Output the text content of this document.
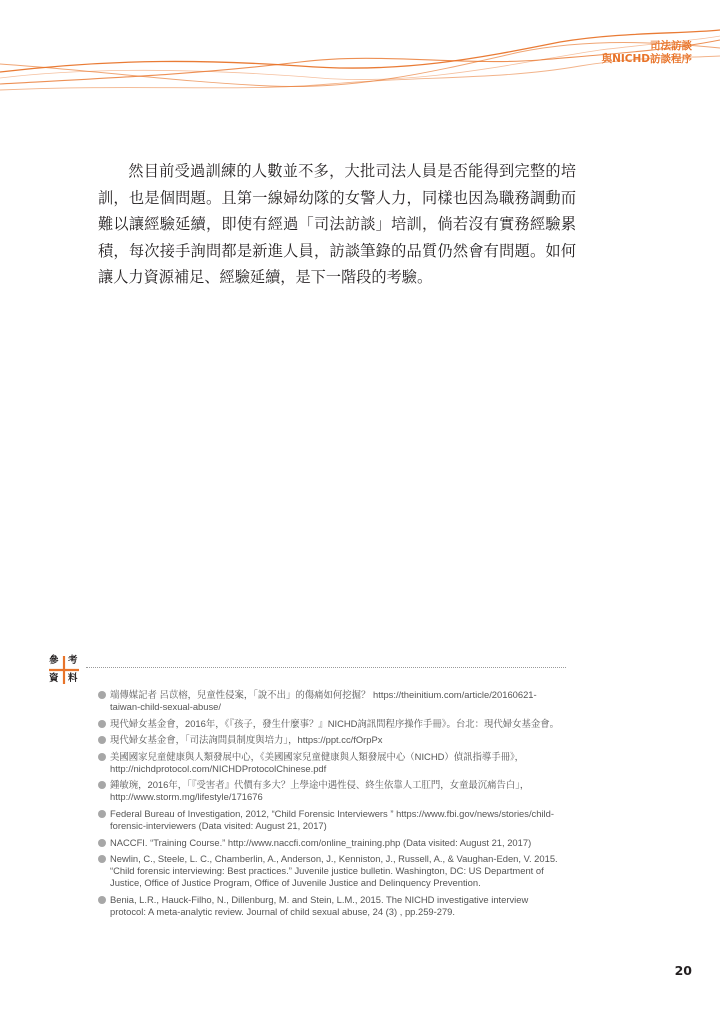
司法訪談
與NICHD訪談程序

然目前受過訓練的人數並不多，大批司法人員是否能得到完整的培訓，也是個問題。且第一線婦幼隊的女警人力，同樣也因為職務調動而難以讓經驗延續，即使有經過「司法訪談」培訓，倘若沒有實務經驗累積，每次接手詢問都是新進人員，訪談筆錄的品質仍然會有問題。如何讓人力資源補足、經驗延續，是下一階段的考驗。

參 考
資 料
端傳媒記者 呂苡榕，兒童性侵案，「說不出」的傷痛如何挖掘？ https://theinitium.com/article/20160621-taiwan-child-sexual-abuse/
現代婦女基金會，2016年，《『孩子，發生什麼事？』NICHD詢訊問程序操作手冊》。台北：現代婦女基金會。
現代婦女基金會，「司法詢問員制度與培力」，https://ppt.cc/fOrpPx
美國國家兒童健康與人類發展中心，《美國國家兒童健康與人類發展中心（NICHD）偵訊指導手冊》，http://nichdprotocol.com/NICHDProtocolChinese.pdf
鍾敏琬，2016年，「『受害者』代價有多大？上學途中遇性侵、終生依靠人工肛門，女童最沉痛告白」，http://www.storm.mg/lifestyle/171676
Federal Bureau of Investigation, 2012, “Child Forensic Interviewers ” https://www.fbi.gov/news/stories/child-forensic-interviewers (Data visited: August 21, 2017)
NACCFI. “Training Course.” http://www.naccfi.com/online_training.php (Data visited: August 21, 2017)
Newlin, C., Steele, L. C., Chamberlin, A., Anderson, J., Kenniston, J., Russell, A., & Vaughan-Eden, V. 2015. “Child forensic interviewing: Best practices.” Juvenile justice bulletin. Washington, DC: US Department of Justice, Office of Justice Program, Office of Juvenile Justice and Delinquency Prevention.
Benia, L.R., Hauck-Filho, N., Dillenburg, M. and Stein, L.M., 2015. The NICHD investigative interview protocol: A meta-analytic review. Journal of child sexual abuse, 24 (3) , pp.259-279.
20
